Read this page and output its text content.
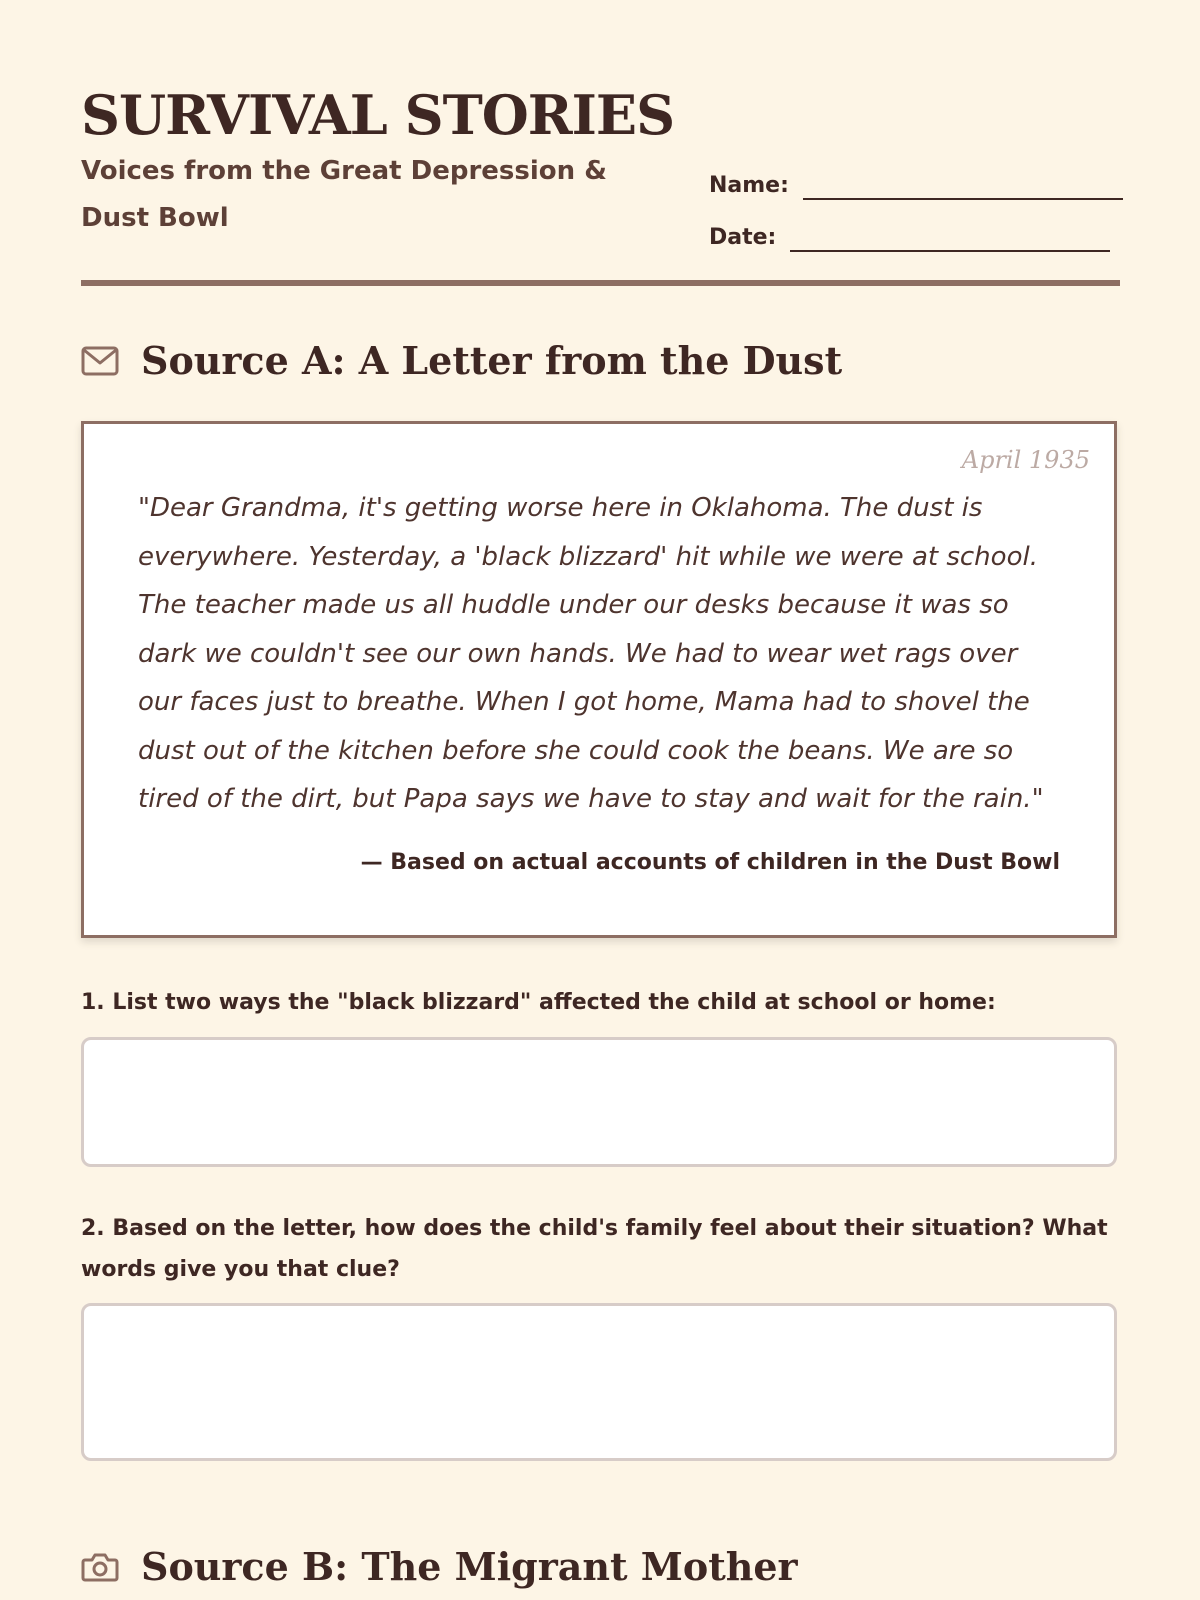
SURVIVAL STORIES
Voices from the Great Depression & Dust Bowl
Name:
Date:
Source A: A Letter from the Dust
April 1935

"Dear Grandma, it's getting worse here in Oklahoma. The dust is everywhere. Yesterday, a 'black blizzard' hit while we were at school. The teacher made us all huddle under our desks because it was so dark we couldn't see our own hands. We had to wear wet rags over our faces just to breathe. When I got home, Mama had to shovel the dust out of the kitchen before she could cook the beans. We are so tired of the dirt, but Papa says we have to stay and wait for the rain."

— Based on actual accounts of children in the Dust Bowl

1. List two ways the "black blizzard" affected the child at school or home:

2. Based on the letter, how does the child's family feel about their situation? What words give you that clue?

Source B: The Migrant Mother
